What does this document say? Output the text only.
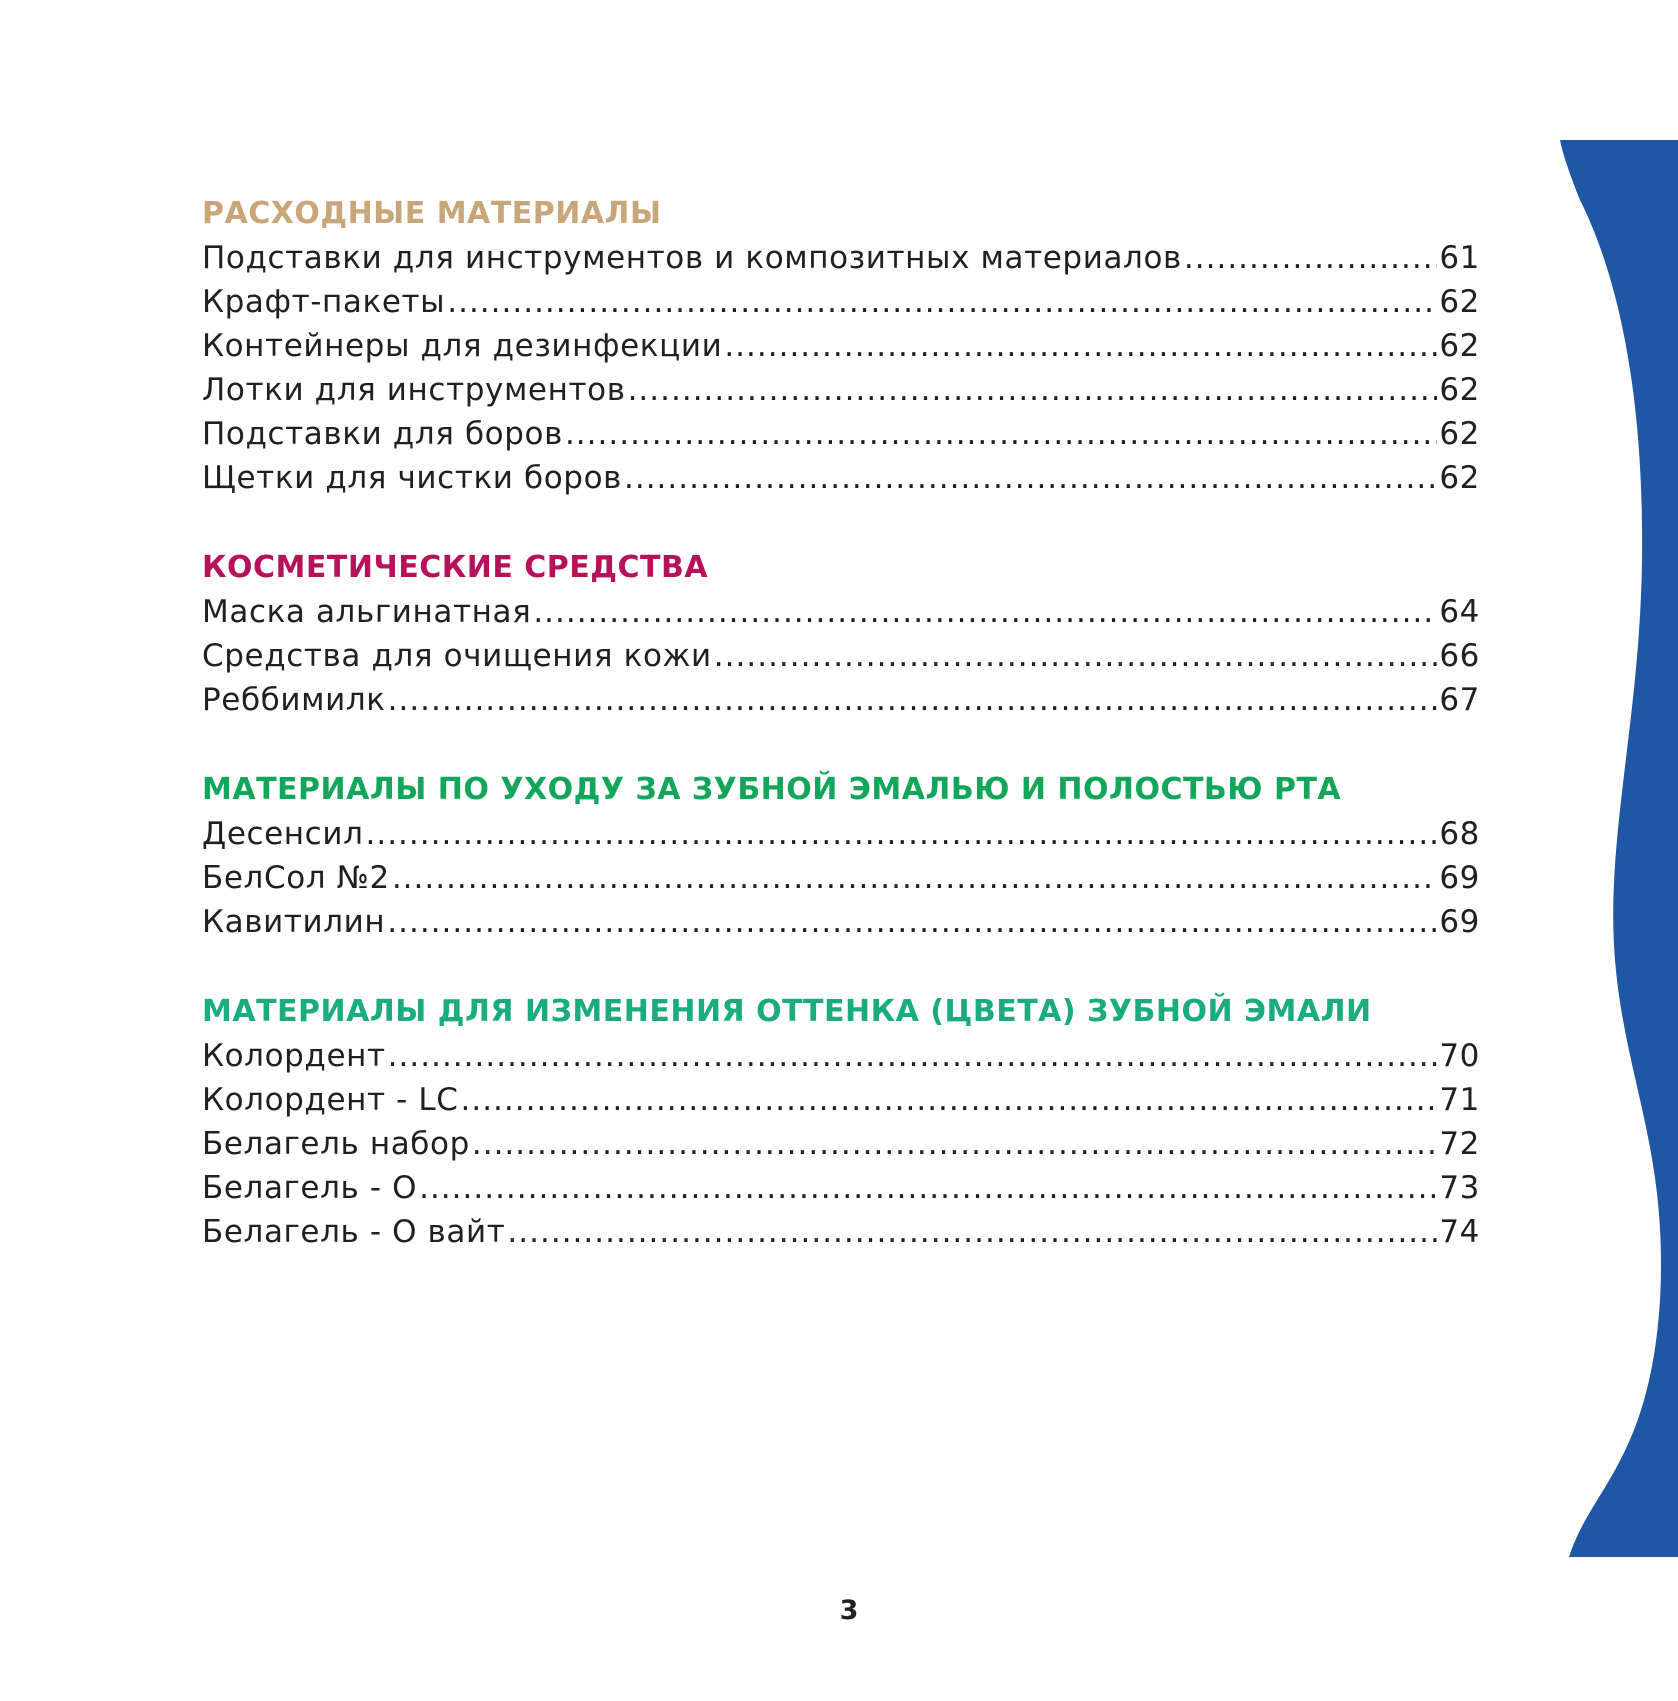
РАСХОДНЫЕ МАТЕРИАЛЫ
Подставки для инструментов и композитных материалов .....	61
Крафт-пакеты .....	62
Контейнеры для дезинфекции .....	62
Лотки для инструментов .....	62
Подставки для боров .....	62
Щетки для чистки боров .....	62
КОСМЕТИЧЕСКИЕ СРЕДСТВА
Маска альгинатная .....	64
Средства для очищения кожи .....	66
Реббимилк .....	67
МАТЕРИАЛЫ ПО УХОДУ ЗА ЗУБНОЙ ЭМАЛЬЮ И ПОЛОСТЬЮ РТА
Десенсил .....	68
БелСол №2 .....	69
Кавитилин .....	69
МАТЕРИАЛЫ ДЛЯ ИЗМЕНЕНИЯ ОТТЕНКА (ЦВЕТА) ЗУБНОЙ ЭМАЛИ
Колордент .....	70
Колордент - LC .....	71
Белагель набор .....	72
Белагель - О .....	73
Белагель - О вайт .....	74
3
